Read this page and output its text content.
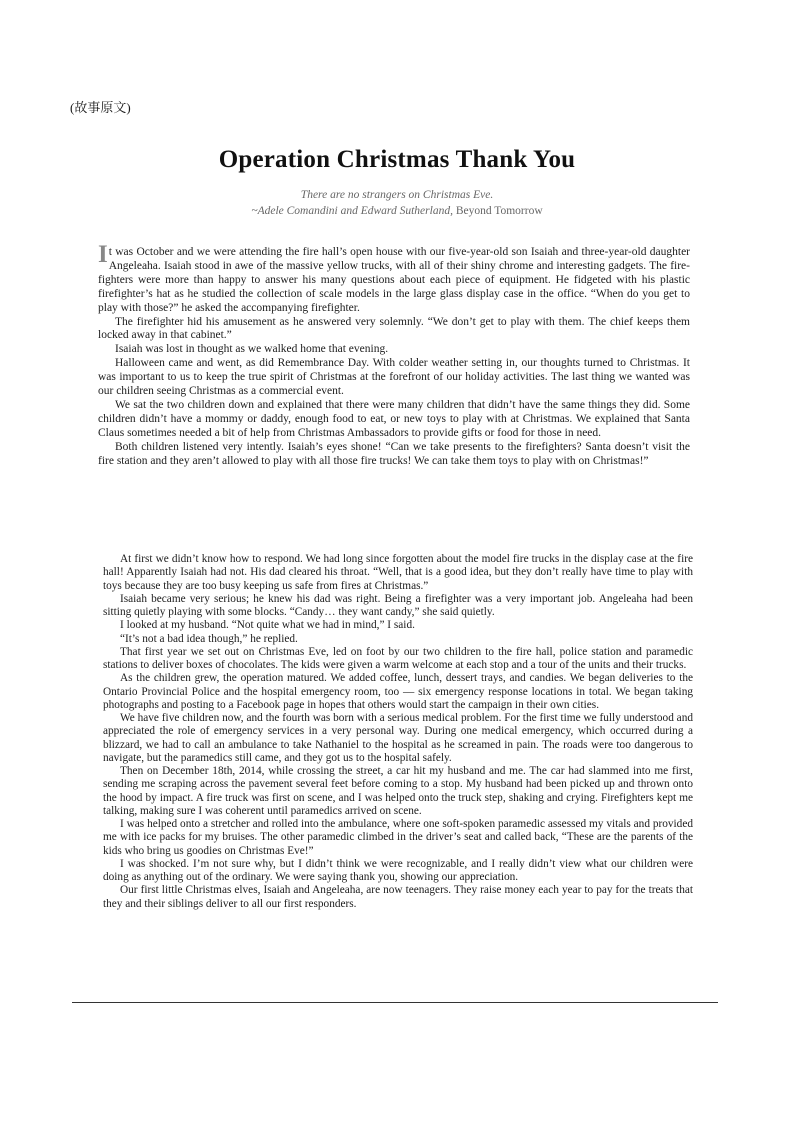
(故事原文)
Operation Christmas Thank You
There are no strangers on Christmas Eve.
~Adele Comandini and Edward Sutherland, Beyond Tomorrow

It was October and we were attending the fire hall’s open house with our five-year-old son Isaiah and three-year-old daughter Angeleaha. Isaiah stood in awe of the massive yellow trucks, with all of their shiny chrome and interesting gadgets. The fire-fighters were more than happy to answer his many questions about each piece of equipment. He fidgeted with his plastic firefighter’s hat as he studied the collection of scale models in the large glass display case in the office. “When do you get to play with those?” he asked the accompanying firefighter.

The firefighter hid his amusement as he answered very solemnly. “We don’t get to play with them. The chief keeps them locked away in that cabinet.”

Isaiah was lost in thought as we walked home that evening.

Halloween came and went, as did Remembrance Day. With colder weather setting in, our thoughts turned to Christmas. It was important to us to keep the true spirit of Christmas at the forefront of our holiday activities. The last thing we wanted was our children seeing Christmas as a commercial event.

We sat the two children down and explained that there were many children that didn’t have the same things they did. Some children didn’t have a mommy or daddy, enough food to eat, or new toys to play with at Christmas. We explained that Santa Claus sometimes needed a bit of help from Christmas Ambassadors to provide gifts or food for those in need.

Both children listened very intently. Isaiah’s eyes shone! “Can we take presents to the firefighters? Santa doesn’t visit the fire station and they aren’t allowed to play with all those fire trucks! We can take them toys to play with on Christmas!”

At first we didn’t know how to respond. We had long since forgotten about the model fire trucks in the display case at the fire hall! Apparently Isaiah had not. His dad cleared his throat. “Well, that is a good idea, but they don’t really have time to play with toys because they are too busy keeping us safe from fires at Christmas.”

Isaiah became very serious; he knew his dad was right. Being a firefighter was a very important job. Angeleaha had been sitting quietly playing with some blocks. “Candy… they want candy,” she said quietly.

I looked at my husband. “Not quite what we had in mind,” I said.

“It’s not a bad idea though,” he replied.

That first year we set out on Christmas Eve, led on foot by our two children to the fire hall, police station and paramedic stations to deliver boxes of chocolates. The kids were given a warm welcome at each stop and a tour of the units and their trucks.

As the children grew, the operation matured. We added coffee, lunch, dessert trays, and candies. We began deliveries to the Ontario Provincial Police and the hospital emergency room, too — six emergency response locations in total. We began taking photographs and posting to a Facebook page in hopes that others would start the campaign in their own cities.

We have five children now, and the fourth was born with a serious medical problem. For the first time we fully understood and appreciated the role of emergency services in a very personal way. During one medical emergency, which occurred during a blizzard, we had to call an ambulance to take Nathaniel to the hospital as he screamed in pain. The roads were too dangerous to navigate, but the paramedics still came, and they got us to the hospital safely.

Then on December 18th, 2014, while crossing the street, a car hit my husband and me. The car had slammed into me first, sending me scraping across the pavement several feet before coming to a stop. My husband had been picked up and thrown onto the hood by impact. A fire truck was first on scene, and I was helped onto the truck step, shaking and crying. Firefighters kept me talking, making sure I was coherent until paramedics arrived on scene.

I was helped onto a stretcher and rolled into the ambulance, where one soft-spoken paramedic assessed my vitals and provided me with ice packs for my bruises. The other paramedic climbed in the driver’s seat and called back, “These are the parents of the kids who bring us goodies on Christmas Eve!”

I was shocked. I’m not sure why, but I didn’t think we were recognizable, and I really didn’t view what our children were doing as anything out of the ordinary. We were saying thank you, showing our appreciation.

Our first little Christmas elves, Isaiah and Angeleaha, are now teenagers. They raise money each year to pay for the treats that they and their siblings deliver to all our first responders.
